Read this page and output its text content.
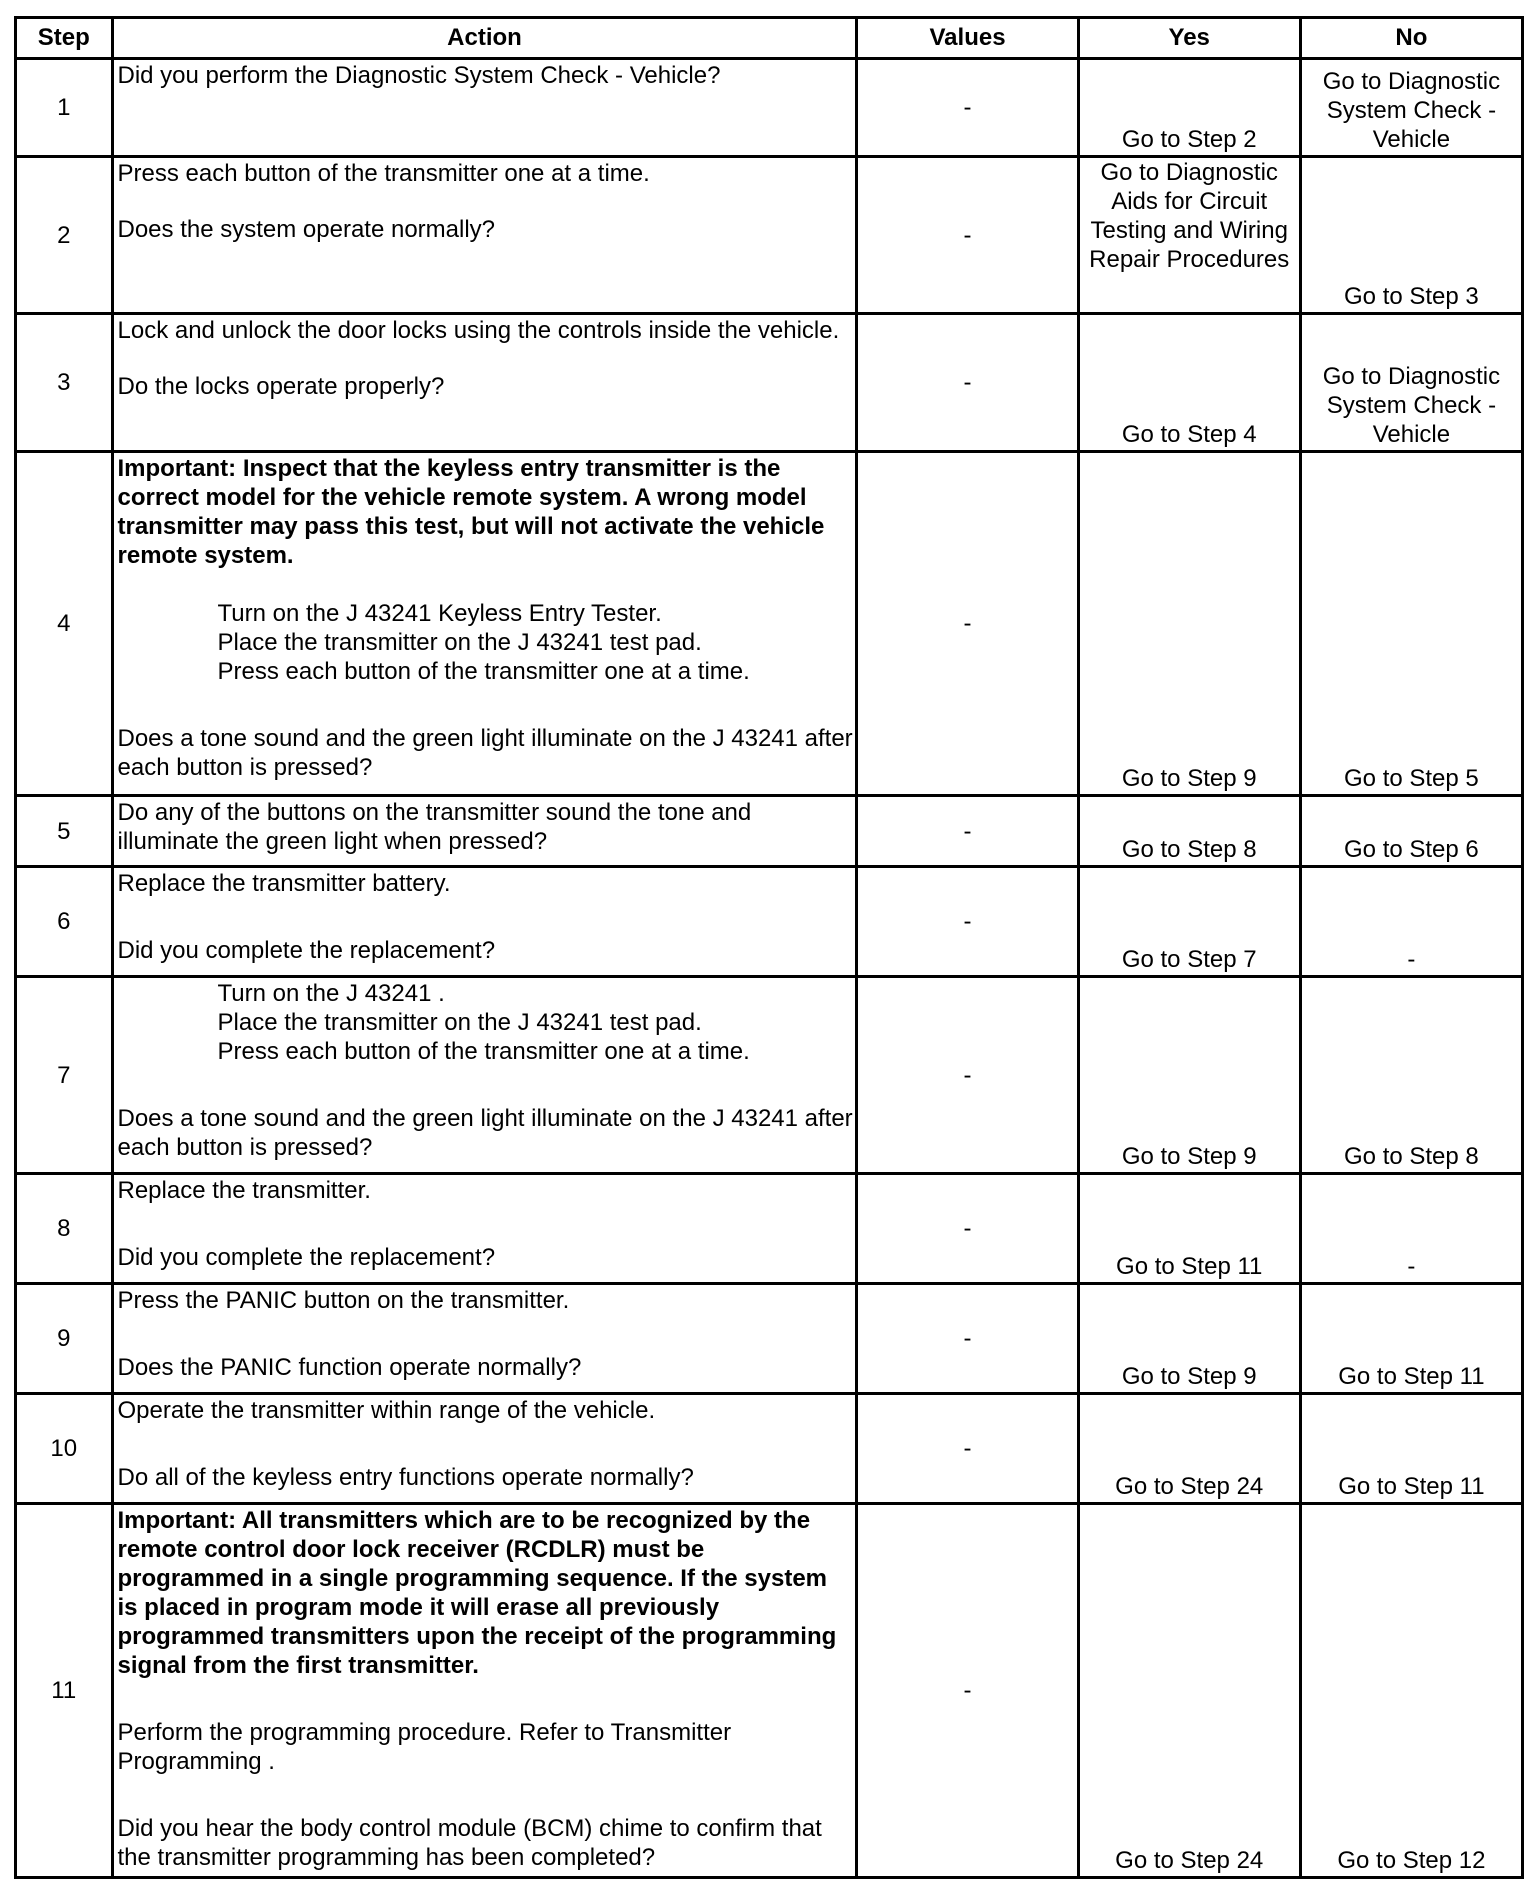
Step	Action	Values	Yes	No
1	Did you perform the Diagnostic System Check - Vehicle?	-	Go to Step 2	Go to Diagnostic System Check - Vehicle
2	Press each button of the transmitter one at a time.

Does the system operate normally?	-	Go to Diagnostic Aids for Circuit Testing and Wiring Repair Procedures	Go to Step 3
3	Lock and unlock the door locks using the controls inside the vehicle.

Do the locks operate properly?	-	Go to Step 4	Go to Diagnostic System Check - Vehicle
4	Important: Inspect that the keyless entry transmitter is the correct model for the vehicle remote system. A wrong model transmitter may pass this test, but will not activate the vehicle remote system.

Turn on the J 43241 Keyless Entry Tester.

Place the transmitter on the J 43241 test pad.

Press each button of the transmitter one at a time.

Does a tone sound and the green light illuminate on the J 43241 after each button is pressed?	-	Go to Step 9	Go to Step 5
5	Do any of the buttons on the transmitter sound the tone and illuminate the green light when pressed?	-	Go to Step 8	Go to Step 6
6	Replace the transmitter battery.

Did you complete the replacement?	-	Go to Step 7	-
7	Turn on the J 43241 .

Place the transmitter on the J 43241 test pad.

Press each button of the transmitter one at a time.

Does a tone sound and the green light illuminate on the J 43241 after each button is pressed?	-	Go to Step 9	Go to Step 8
8	Replace the transmitter.

Did you complete the replacement?	-	Go to Step 11	-
9	Press the PANIC button on the transmitter.

Does the PANIC function operate normally?	-	Go to Step 9	Go to Step 11
10	Operate the transmitter within range of the vehicle.

Do all of the keyless entry functions operate normally?	-	Go to Step 24	Go to Step 11
11	Important: All transmitters which are to be recognized by the remote control door lock receiver (RCDLR) must be programmed in a single programming sequence. If the system is placed in program mode it will erase all previously programmed transmitters upon the receipt of the programming signal from the first transmitter.

Perform the programming procedure. Refer to Transmitter Programming .

Did you hear the body control module (BCM) chime to confirm that the transmitter programming has been completed?	-	Go to Step 24	Go to Step 12
